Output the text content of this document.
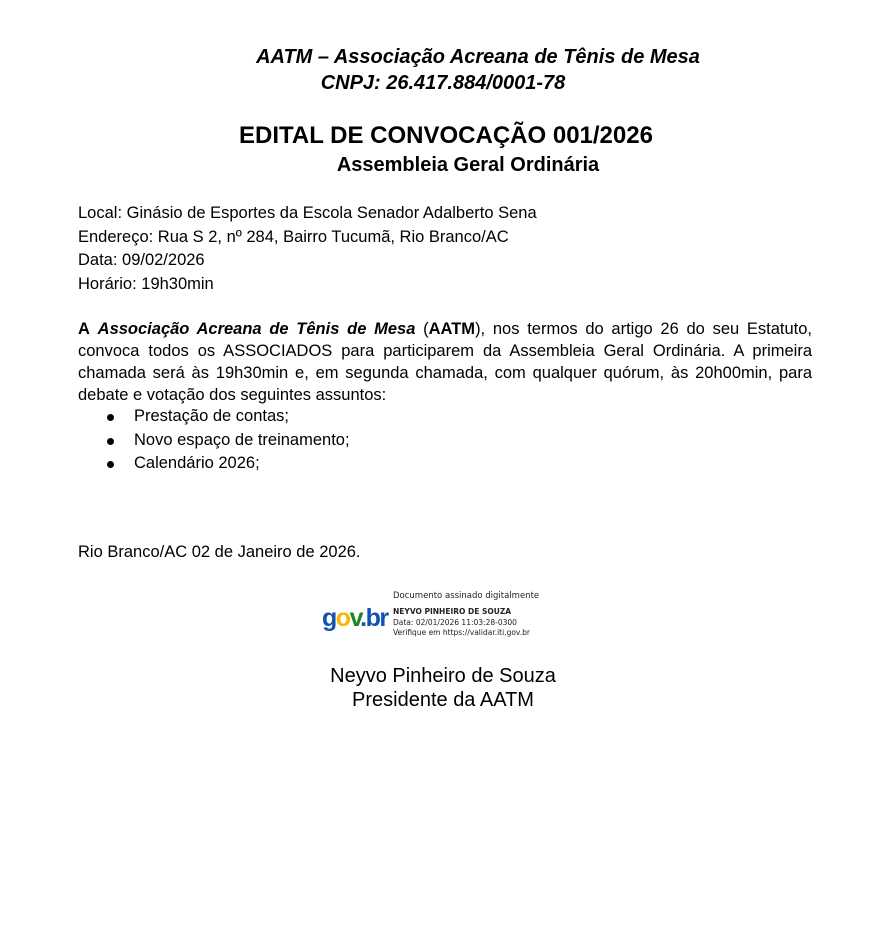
AATM – Associação Acreana de Tênis de Mesa
CNPJ: 26.417.884/0001-78
EDITAL DE CONVOCAÇÃO 001/2026
Assembleia Geral Ordinária
Local: Ginásio de Esportes da Escola Senador Adalberto Sena
Endereço: Rua S 2, nº 284, Bairro Tucumã, Rio Branco/AC
Data: 09/02/2026
Horário: 19h30min
A Associação Acreana de Tênis de Mesa (AATM), nos termos do artigo 26 do seu Estatuto, convoca todos os ASSOCIADOS para participarem da Assembleia Geral Ordinária. A primeira chamada será às 19h30min e, em segunda chamada, com qualquer quórum, às 20h00min, para debate e votação dos seguintes assuntos:
Prestação de contas;
Novo espaço de treinamento;
Calendário 2026;
Rio Branco/AC 02 de Janeiro de 2026.
gov.br
Documento assinado digitalmente
NEYVO PINHEIRO DE SOUZA
Data: 02/01/2026 11:03:28-0300
Verifique em https://validar.iti.gov.br
Neyvo Pinheiro de Souza
Presidente da AATM
